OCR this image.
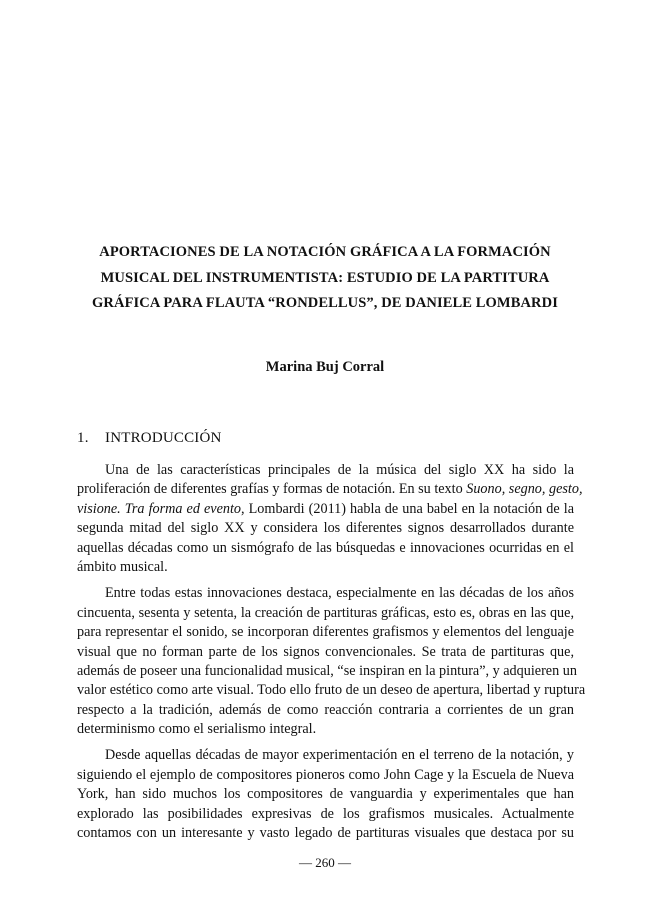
APORTACIONES DE LA NOTACIÓN GRÁFICA A LA FORMACIÓN
MUSICAL DEL INSTRUMENTISTA: ESTUDIO DE LA PARTITURA
GRÁFICA PARA FLAUTA “RONDELLUS”, DE DANIELE LOMBARDI
Marina Buj Corral
1. INTRODUCCIÓN
Una de las características principales de la música del siglo XX ha sido la
proliferación de diferentes grafías y formas de notación. En su texto Suono, segno, gesto,
visione. Tra forma ed evento, Lombardi (2011) habla de una babel en la notación de la
segunda mitad del siglo XX y considera los diferentes signos desarrollados durante
aquellas décadas como un sismógrafo de las búsquedas e innovaciones ocurridas en el
ámbito musical.
Entre todas estas innovaciones destaca, especialmente en las décadas de los años
cincuenta, sesenta y setenta, la creación de partituras gráficas, esto es, obras en las que,
para representar el sonido, se incorporan diferentes grafismos y elementos del lenguaje
visual que no forman parte de los signos convencionales. Se trata de partituras que,
además de poseer una funcionalidad musical, “se inspiran en la pintura”, y adquieren un
valor estético como arte visual. Todo ello fruto de un deseo de apertura, libertad y ruptura
respecto a la tradición, además de como reacción contraria a corrientes de un gran
determinismo como el serialismo integral.
Desde aquellas décadas de mayor experimentación en el terreno de la notación, y
siguiendo el ejemplo de compositores pioneros como John Cage y la Escuela de Nueva
York, han sido muchos los compositores de vanguardia y experimentales que han
explorado las posibilidades expresivas de los grafismos musicales. Actualmente
contamos con un interesante y vasto legado de partituras visuales que destaca por su
— 260 —
